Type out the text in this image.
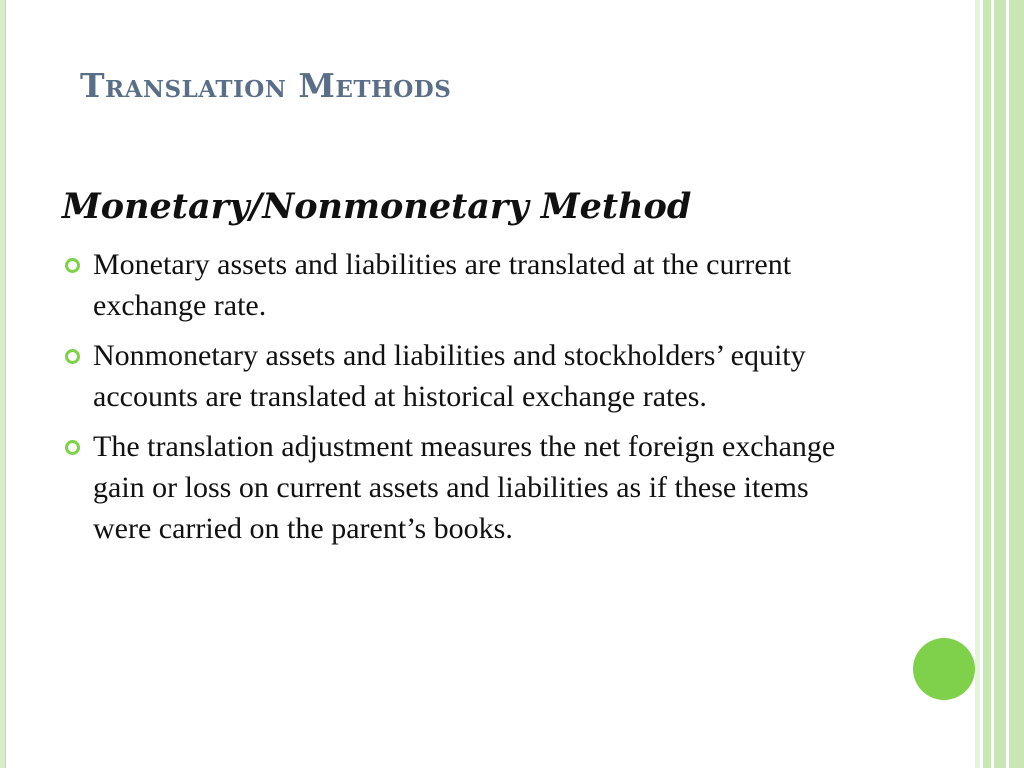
Translation Methods
Monetary/Nonmonetary Method
Monetary assets and liabilities are translated at the current exchange rate.
Nonmonetary assets and liabilities and stockholders’ equity accounts are translated at historical exchange rates.
The translation adjustment measures the net foreign exchange gain or loss on current assets and liabilities as if these items were carried on the parent’s books.
